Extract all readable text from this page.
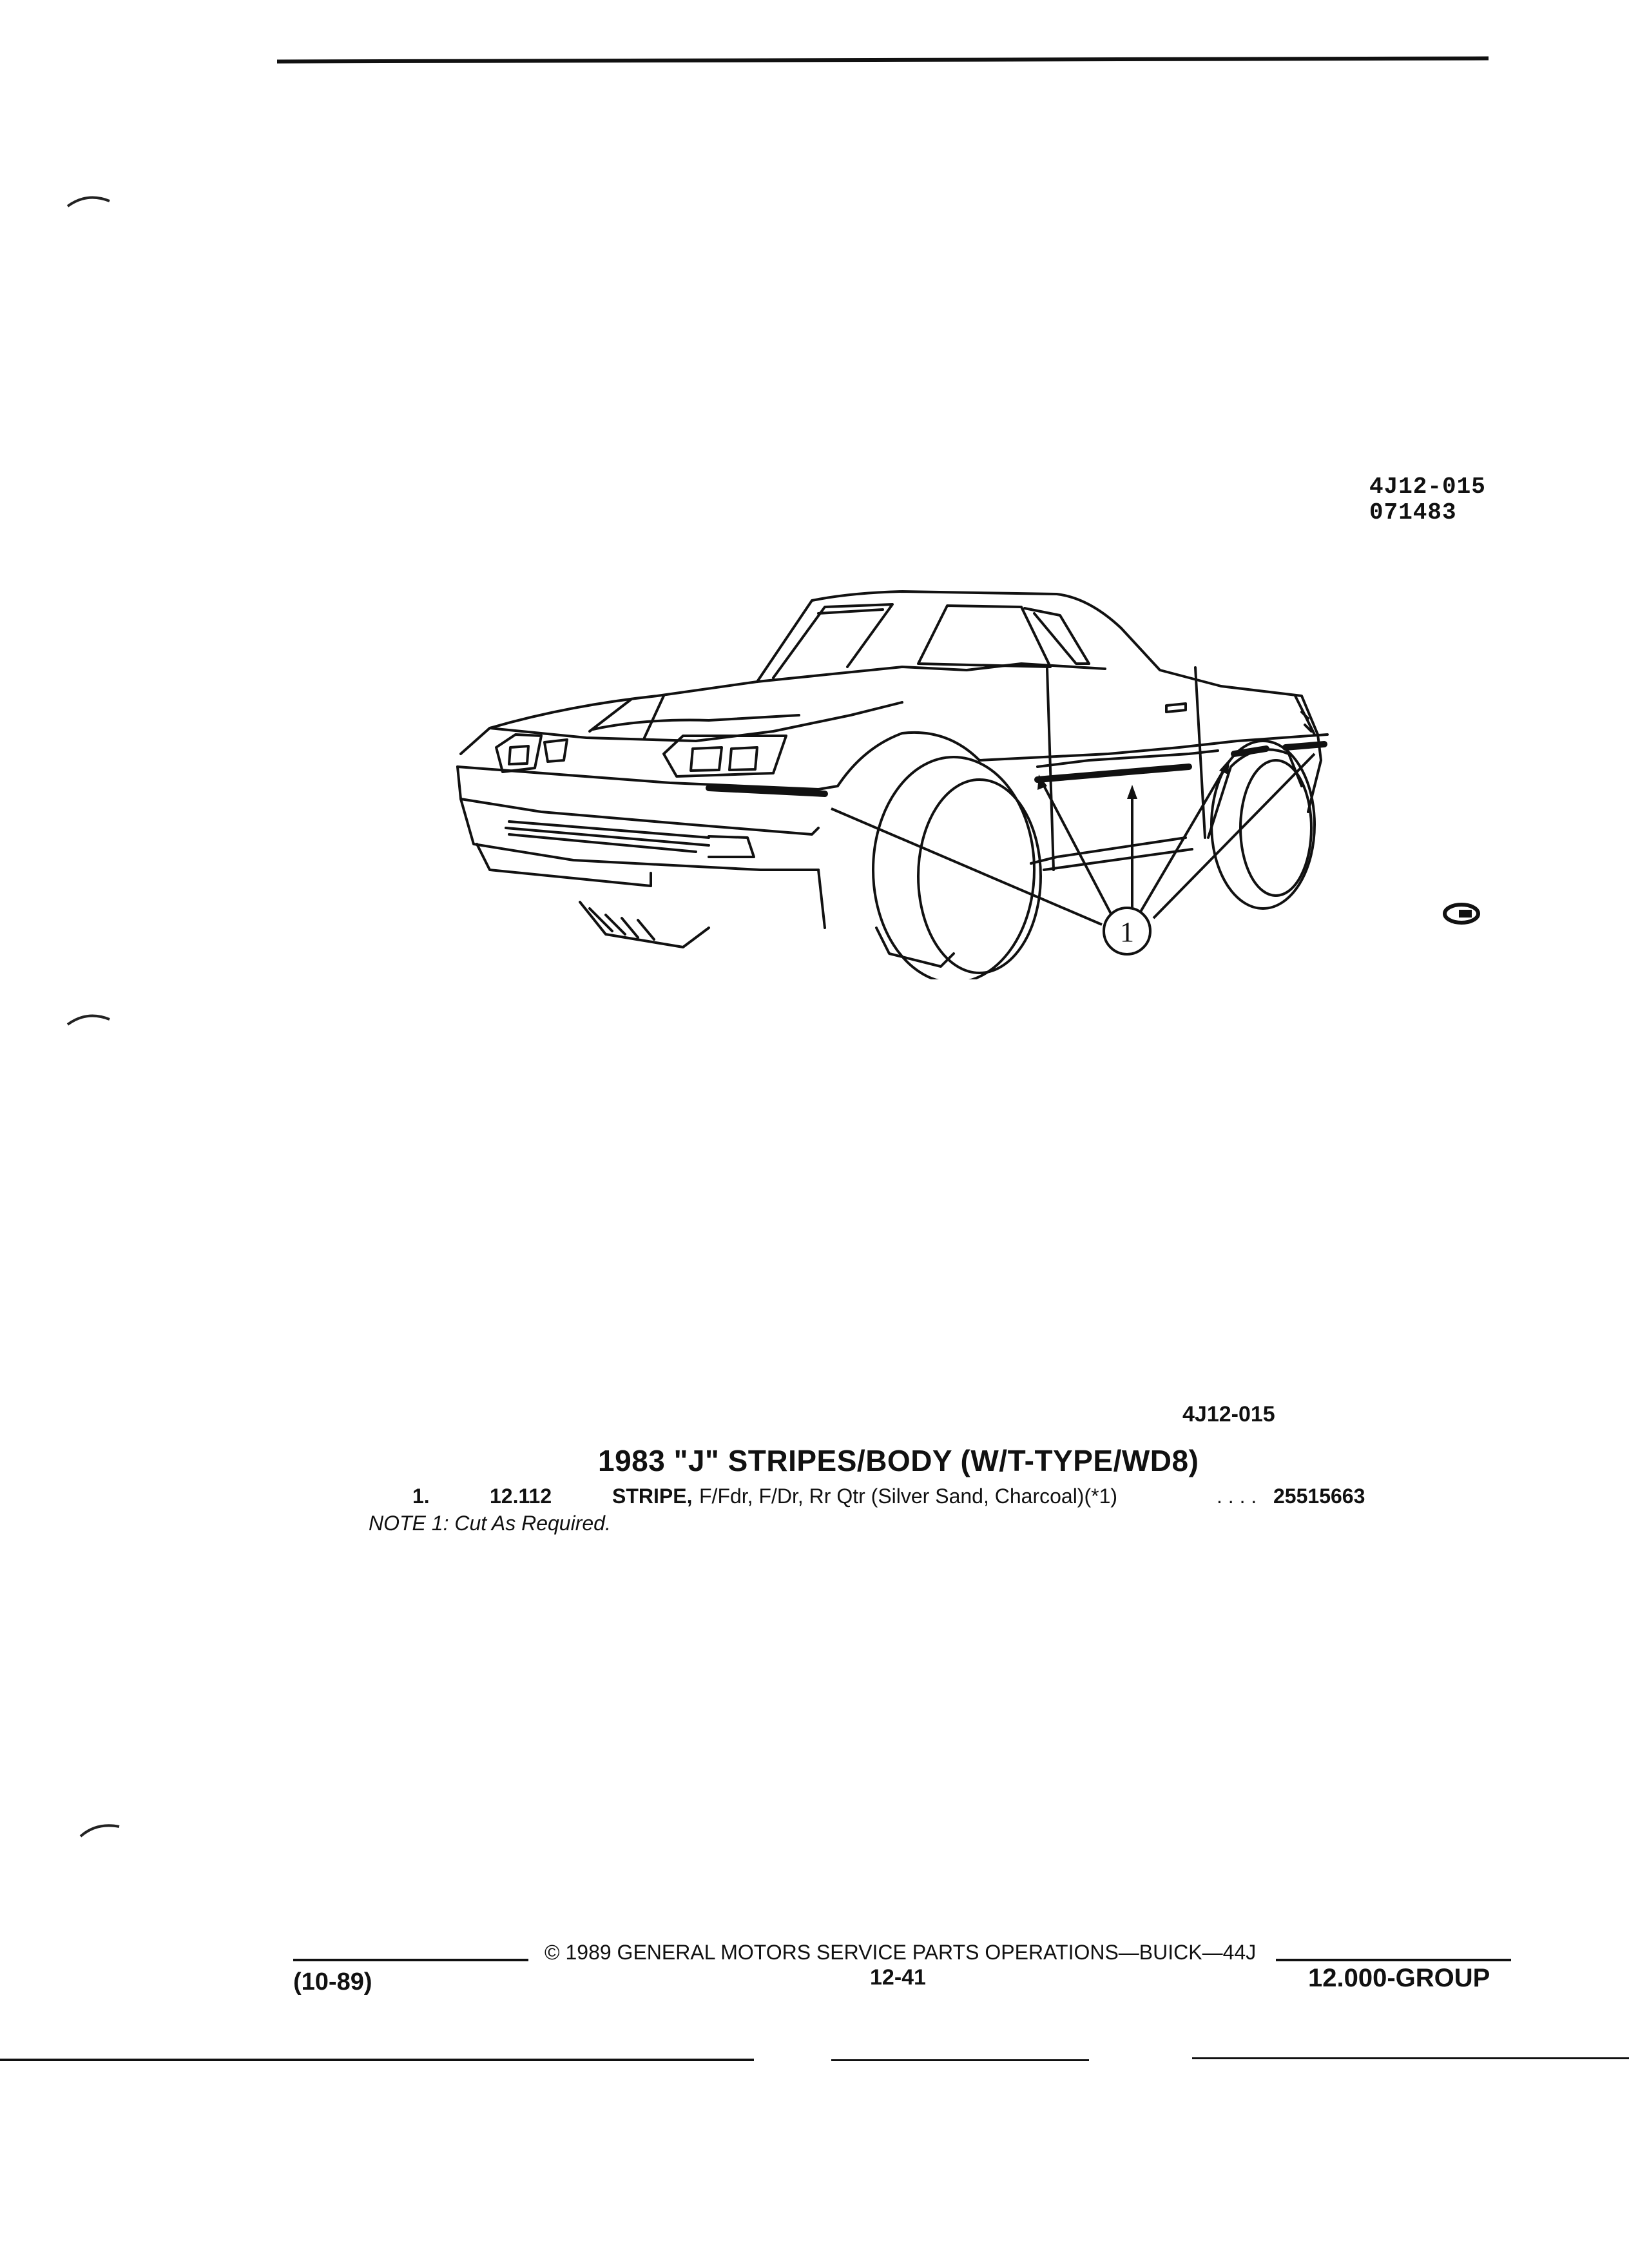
4J12-015
071483
1
4J12-015
1983 "J" STRIPES/BODY (W/T-TYPE/WD8)
1.	12.112	STRIPE, F/Fdr, F/Dr, Rr Qtr (Silver Sand, Charcoal)(*1)	. . . . 25515663
NOTE 1: Cut As Required.
© 1989 GENERAL MOTORS SERVICE PARTS OPERATIONS—BUICK—44J
(10-89)	12-41	12.000-GROUP
